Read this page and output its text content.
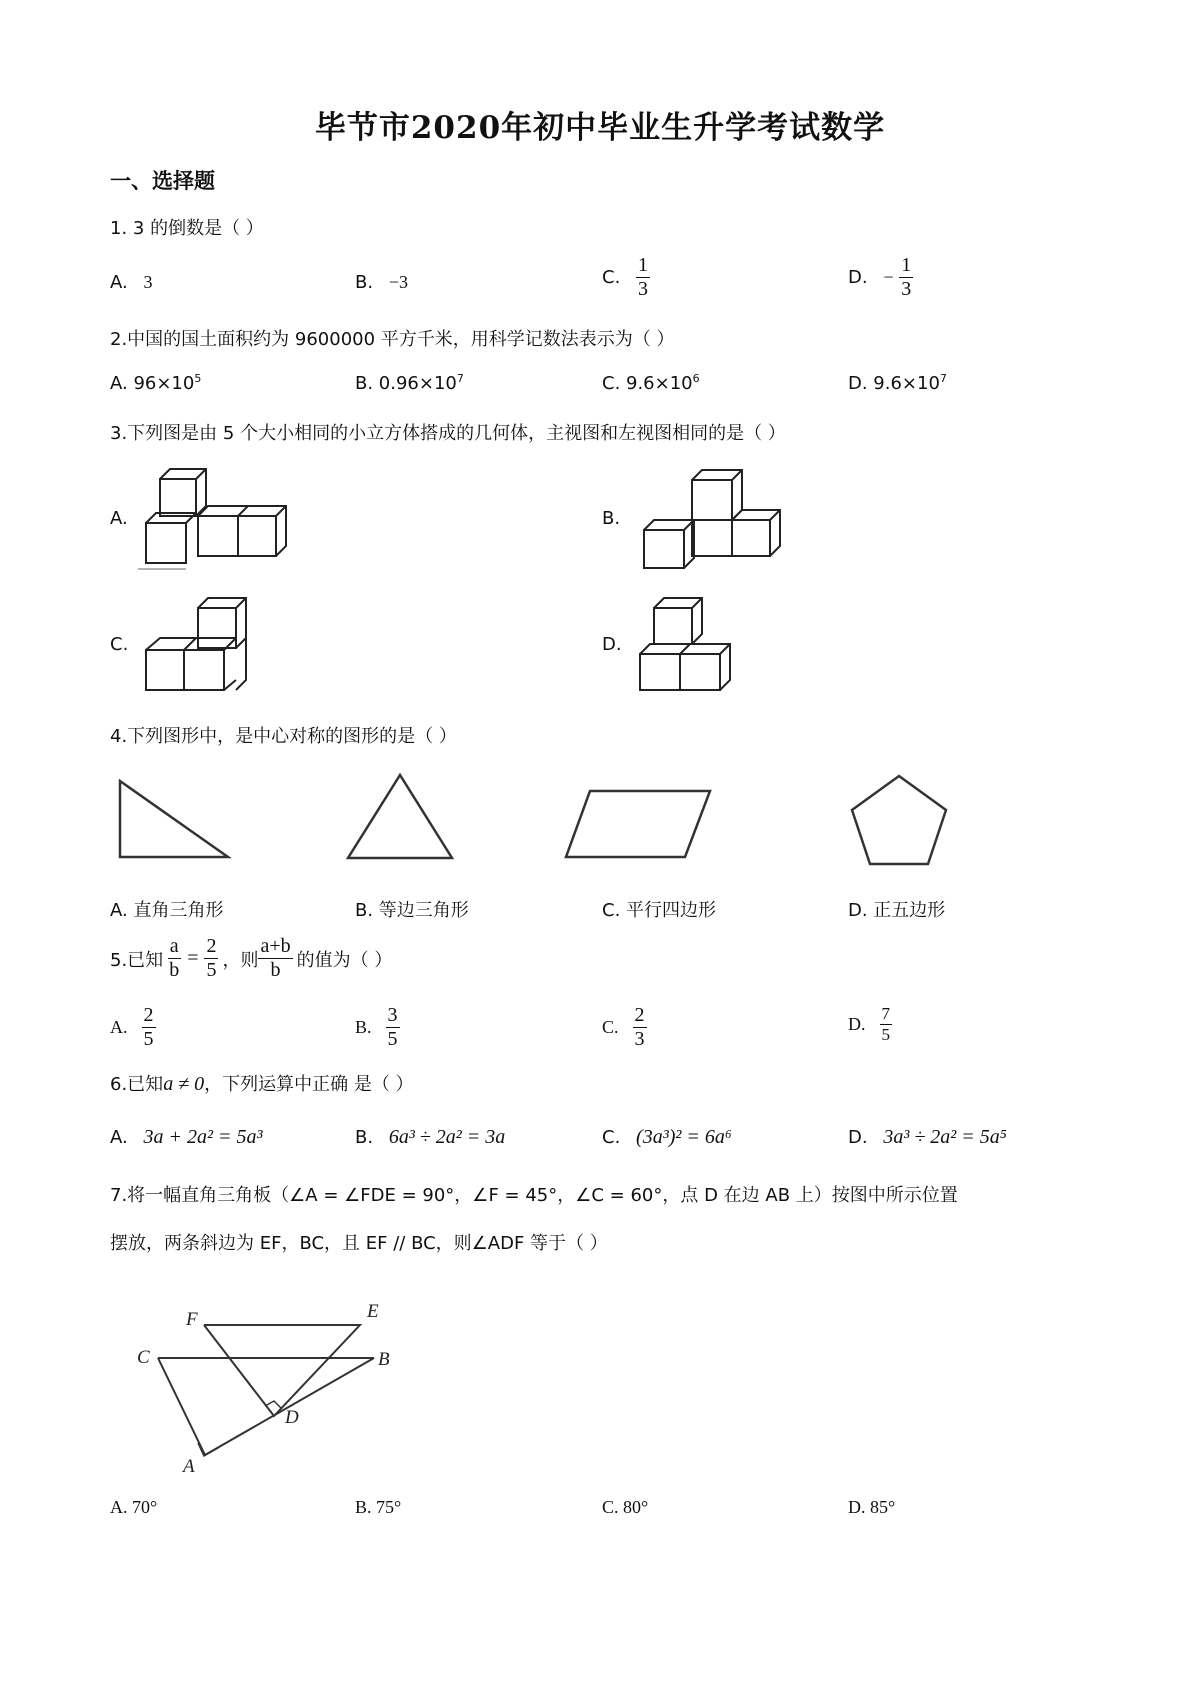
毕节市2020年初中毕业生升学考试数学
一、选择题
1. 3 的倒数是（ ）
A. 3	B. −3	C. $\frac{1}{3}$	D. − $\frac{1}{3}$
2.中国的国土面积约为 9600000 平方千米，用科学记数法表示为（ ）
A. $96\times 10^5$	B. $0.96\times 10^7$	C. $9.6\times 10^6$	D. $9.6\times 10^7$
3.下列图是由 5 个大小相同的小立方体搭成的几何体，主视图和左视图相同的是（ ）
A.	B.
C.	D.
4.下列图形中，是中心对称的图形的是（ ）
A. 直角三角形	B. 等边三角形	C. 平行四边形	D. 正五边形
5.已知 $\frac{a}{b} = \frac{2}{5}$ ，则 $\frac{a+b}{b}$ 的值为（ ）
A. $\frac{2}{5}$	B. $\frac{3}{5}$	C. $\frac{2}{3}$	D. $\frac{7}{5}$
6.已知a ≠ 0，下列运算中正确 是（ ）
A. 3a + 2a² = 5a³	B. 6a³ ÷ 2a² = 3a	C. (3a³)² = 6a⁶	D. 3a³ ÷ 2a² = 5a⁵
7.将一幅直角三角板（∠A = ∠FDE = 90°，∠F = 45°，∠C = 60°，点 D 在边 AB 上）按图中所示位置
摆放，两条斜边为 EF，BC，且 EF // BC，则∠ADF 等于（ ）
F	E
C	B
D
A
A. 70°	B. 75°	C. 80°	D. 85°
